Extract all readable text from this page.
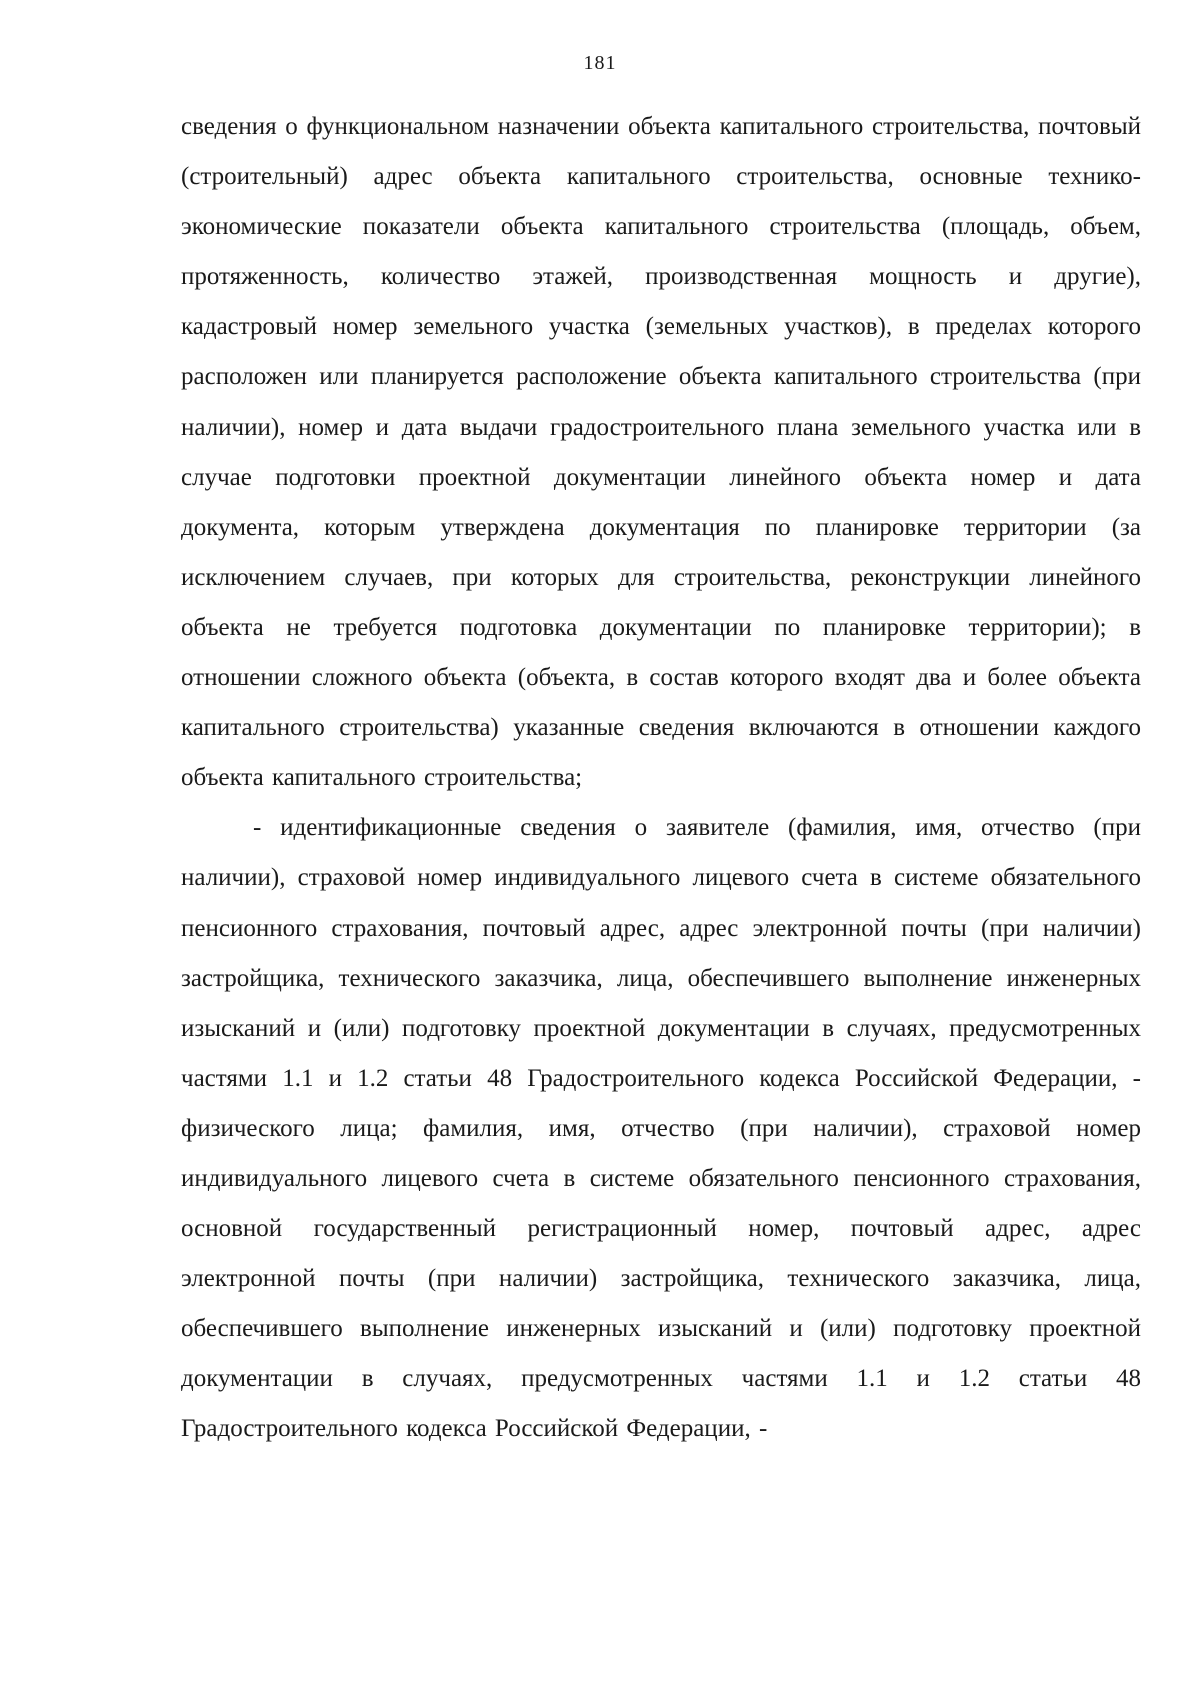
181

сведения о функциональном назначении объекта капитального строительства, почтовый (строительный) адрес объекта капитального строительства, основные технико-экономические показатели объекта капитального строительства (площадь, объем, протяженность, количество этажей, производственная мощность и другие), кадастровый номер земельного участка (земельных участков), в пределах которого расположен или планируется расположение объекта капитального строительства (при наличии), номер и дата выдачи градостроительного плана земельного участка или в случае подготовки проектной документации линейного объекта номер и дата документа, которым утверждена документация по планировке территории (за исключением случаев, при которых для строительства, реконструкции линейного объекта не требуется подготовка документации по планировке территории); в отношении сложного объекта (объекта, в состав которого входят два и более объекта капитального строительства) указанные сведения включаются в отношении каждого объекта капитального строительства;

- идентификационные сведения о заявителе (фамилия, имя, отчество (при наличии), страховой номер индивидуального лицевого счета в системе обязательного пенсионного страхования, почтовый адрес, адрес электронной почты (при наличии) застройщика, технического заказчика, лица, обеспечившего выполнение инженерных изысканий и (или) подготовку проектной документации в случаях, предусмотренных частями 1.1 и 1.2 статьи 48 Градостроительного кодекса Российской Федерации, - физического лица; фамилия, имя, отчество (при наличии), страховой номер индивидуального лицевого счета в системе обязательного пенсионного страхования, основной государственный регистрационный номер, почтовый адрес, адрес электронной почты (при наличии) застройщика, технического заказчика, лица, обеспечившего выполнение инженерных изысканий и (или) подготовку проектной документации в случаях, предусмотренных частями 1.1 и 1.2 статьи 48 Градостроительного кодекса Российской Федерации, -
